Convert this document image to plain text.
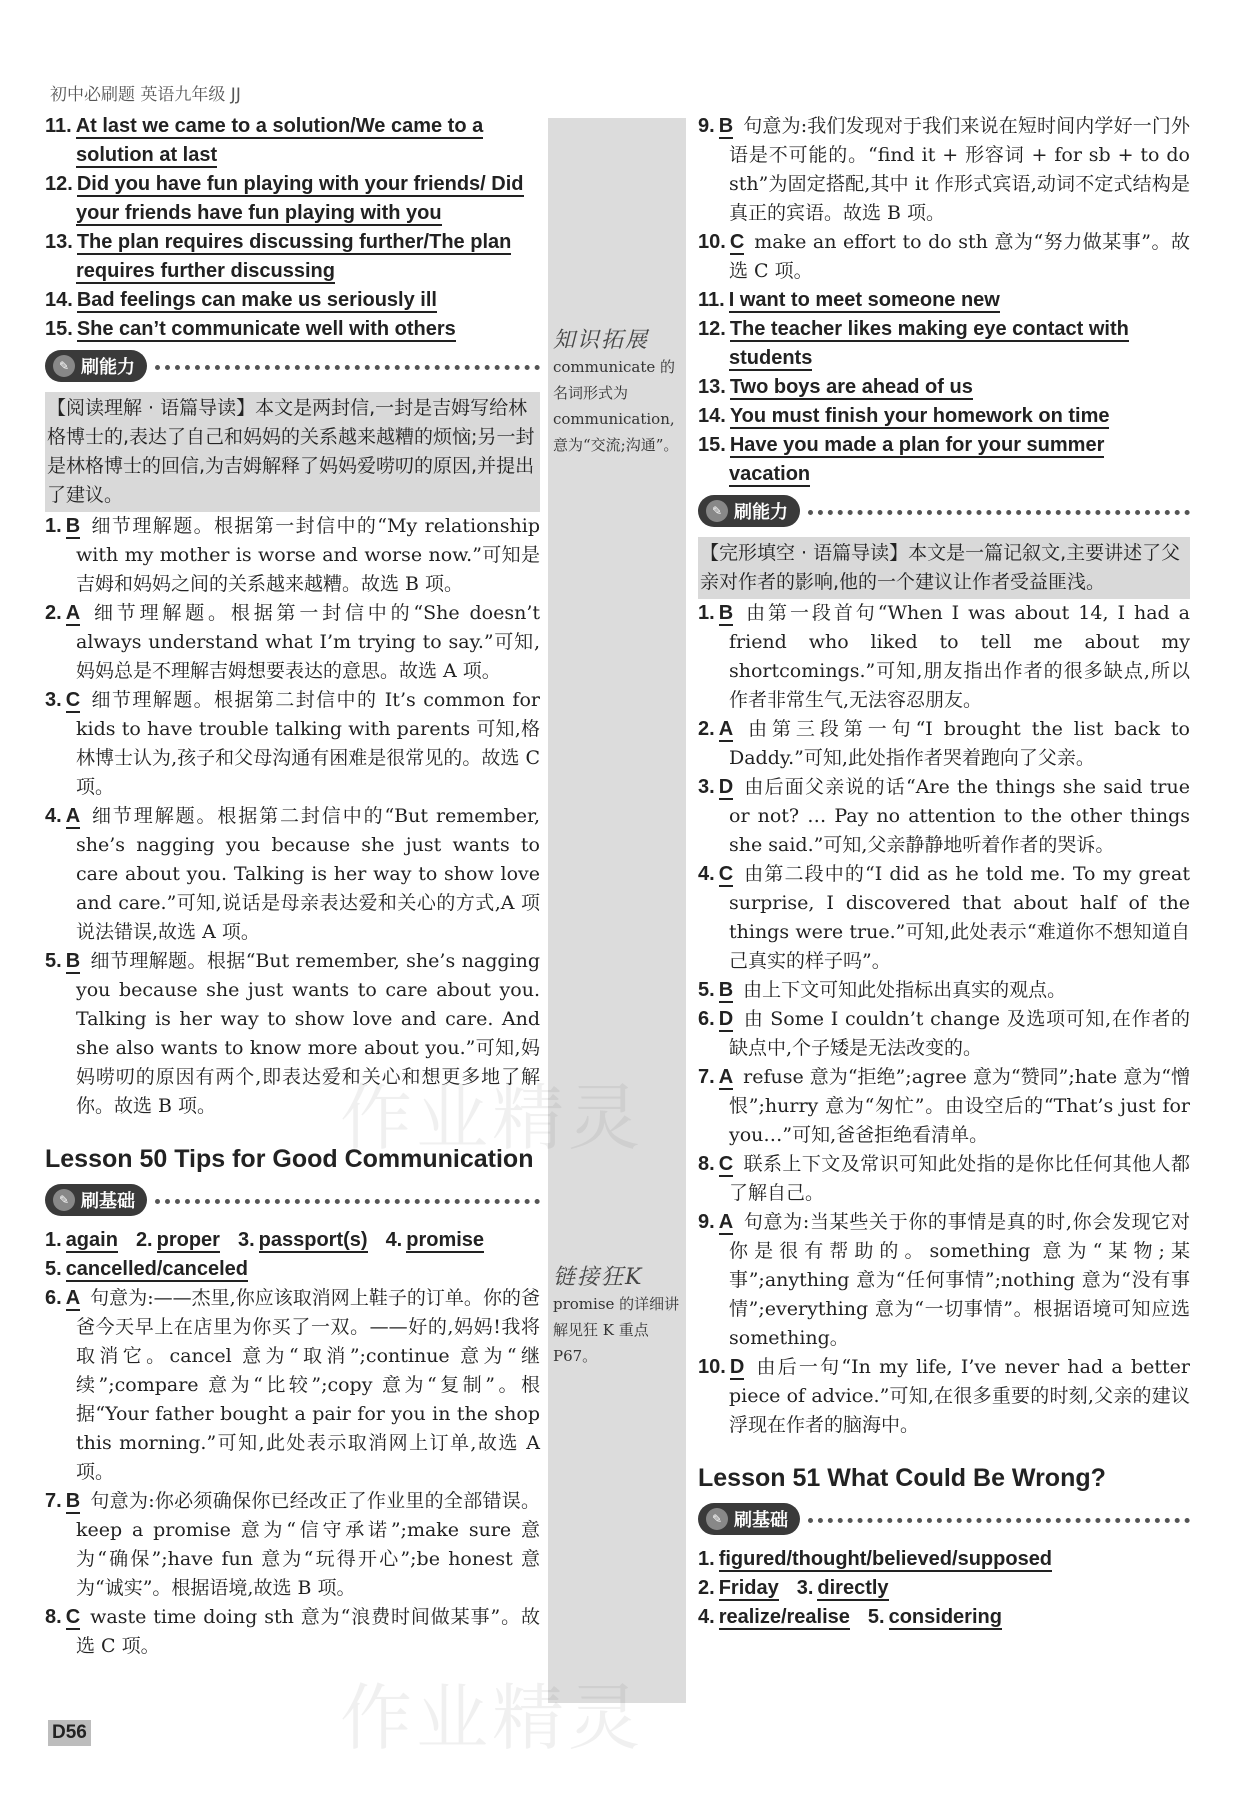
初中必刷题 英语九年级 JJ
知识拓展
communicate 的名词形式为 communication,意为“交流;沟通”。
链接狂K
promise 的详细讲解见狂 K 重点 P67。
11. At last we came to a solution/We came to a solution at last
12. Did you have fun playing with your friends/ Did your friends have fun playing with you
13. The plan requires discussing further/The plan requires further discussing
14. Bad feelings can make us seriously ill
15. She can’t communicate well with others
✎ 刷能力
【阅读理解 · 语篇导读】本文是两封信,一封是吉姆写给林格博士的,表达了自己和妈妈的关系越来越糟的烦恼;另一封是林格博士的回信,为吉姆解释了妈妈爱唠叨的原因,并提出了建议。
1. B 细节理解题。根据第一封信中的“My relationship with my mother is worse and worse now.”可知是吉姆和妈妈之间的关系越来越糟。故选 B 项。
2. A 细节理解题。根据第一封信中的“She doesn’t always understand what I’m trying to say.”可知,妈妈总是不理解吉姆想要表达的意思。故选 A 项。
3. C 细节理解题。根据第二封信中的 It’s common for kids to have trouble talking with parents 可知,格林博士认为,孩子和父母沟通有困难是很常见的。故选 C 项。
4. A 细节理解题。根据第二封信中的“But remember, she’s nagging you because she just wants to care about you. Talking is her way to show love and care.”可知,说话是母亲表达爱和关心的方式,A 项说法错误,故选 A 项。
5. B 细节理解题。根据“But remember, she’s nagging you because she just wants to care about you. Talking is her way to show love and care. And she also wants to know more about you.”可知,妈妈唠叨的原因有两个,即表达爱和关心和想更多地了解你。故选 B 项。
Lesson 50 Tips for Good Communication
✎ 刷基础
1. again 2. proper 3. passport(s) 4. promise
5. cancelled/canceled
6. A 句意为:——杰里,你应该取消网上鞋子的订单。你的爸爸今天早上在店里为你买了一双。——好的,妈妈!我将取消它。cancel 意为“取消”;continue 意为“继续”;compare 意为“比较”;copy 意为“复制”。根据“Your father bought a pair for you in the shop this morning.”可知,此处表示取消网上订单,故选 A 项。
7. B 句意为:你必须确保你已经改正了作业里的全部错误。keep a promise 意为“信守承诺”;make sure 意为“确保”;have fun 意为“玩得开心”;be honest 意为“诚实”。根据语境,故选 B 项。
8. C waste time doing sth 意为“浪费时间做某事”。故选 C 项。
9. B 句意为:我们发现对于我们来说在短时间内学好一门外语是不可能的。“find it + 形容词 + for sb + to do sth”为固定搭配,其中 it 作形式宾语,动词不定式结构是真正的宾语。故选 B 项。
10. C make an effort to do sth 意为“努力做某事”。故选 C 项。
11. I want to meet someone new
12. The teacher likes making eye contact with students
13. Two boys are ahead of us
14. You must finish your homework on time
15. Have you made a plan for your summer vacation
✎ 刷能力
【完形填空 · 语篇导读】本文是一篇记叙文,主要讲述了父亲对作者的影响,他的一个建议让作者受益匪浅。
1. B 由第一段首句“When I was about 14, I had a friend who liked to tell me about my shortcomings.”可知,朋友指出作者的很多缺点,所以作者非常生气,无法容忍朋友。
2. A 由第三段第一句“I brought the list back to Daddy.”可知,此处指作者哭着跑向了父亲。
3. D 由后面父亲说的话“Are the things she said true or not? … Pay no attention to the other things she said.”可知,父亲静静地听着作者的哭诉。
4. C 由第二段中的“I did as he told me. To my great surprise, I discovered that about half of the things were true.”可知,此处表示“难道你不想知道自己真实的样子吗”。
5. B 由上下文可知此处指标出真实的观点。
6. D 由 Some I couldn’t change 及选项可知,在作者的缺点中,个子矮是无法改变的。
7. A refuse 意为“拒绝”;agree 意为“赞同”;hate 意为“憎恨”;hurry 意为“匆忙”。由设空后的“That’s just for you…”可知,爸爸拒绝看清单。
8. C 联系上下文及常识可知此处指的是你比任何其他人都了解自己。
9. A 句意为:当某些关于你的事情是真的时,你会发现它对你是很有帮助的。something 意为“某物;某事”;anything 意为“任何事情”;nothing 意为“没有事情”;everything 意为“一切事情”。根据语境可知应选 something。
10. D 由后一句“In my life, I’ve never had a better piece of advice.”可知,在很多重要的时刻,父亲的建议浮现在作者的脑海中。
Lesson 51 What Could Be Wrong?
✎ 刷基础
1. figured/thought/believed/supposed
2. Friday 3. directly
4. realize/realise 5. considering
D56
作业精灵
作业精灵
